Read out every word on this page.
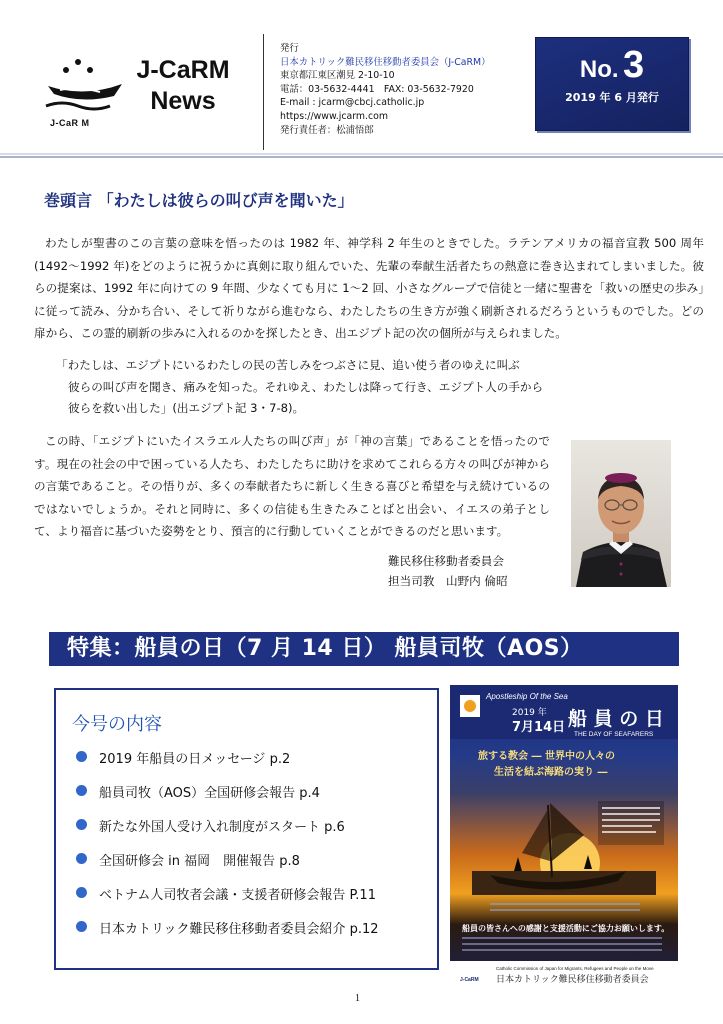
J-CaR M
J-CaRM
News
発行
日本カトリック難民移住移動者委員会（J-CaRM）
東京都江東区潮見 2-10-10
電話：03-5632-4441　FAX: 03-5632-7920
E-mail : jcarm@cbcj.catholic.jp
https://www.jcarm.com
発行責任者：松浦悟郎
No. 3
2019 年 6 月発行
巻頭言 「わたしは彼らの叫び声を聞いた」
わたしが聖書のこの言葉の意味を悟ったのは 1982 年、神学科 2 年生のときでした。ラテンアメリカの福音宣教 500 周年(1492～1992 年)をどのように祝うかに真剣に取り組んでいた、先輩の奉献生活者たちの熱意に巻き込まれてしまいました。彼らの提案は、1992 年に向けての 9 年間、少なくても月に 1～2 回、小さなグループで信徒と一緒に聖書を「救いの歴史の歩み」に従って読み、分かち合い、そして祈りながら進むなら、わたしたちの生き方が強く刷新されるだろうというものでした。どの扉から、この霊的刷新の歩みに入れるのかを探したとき、出エジプト記の次の個所が与えられました。
「わたしは、エジプトにいるわたしの民の苦しみをつぶさに見、追い使う者のゆえに叫ぶ
彼らの叫び声を聞き、痛みを知った。それゆえ、わたしは降って行き、エジプト人の手から
彼らを救い出した」(出エジプト記 3・7-8)。
この時、「エジプトにいたイスラエル人たちの叫び声」が「神の言葉」であることを悟ったのです。現在の社会の中で困っている人たち、わたしたちに助けを求めてこれらる方々の叫びが神からの言葉であること。その悟りが、多くの奉献者たちに新しく生きる喜びと希望を与え続けているのではないでしょうか。それと同時に、多くの信徒も生きたみことばと出会い、イエスの弟子として、より福音に基づいた姿勢をとり、預言的に行動していくことができるのだと思います。
難民移住移動者委員会
担当司教　山野内 倫昭
特集：船員の日（7 月 14 日） 船員司牧（AOS）
今号の内容
2019 年船員の日メッセージ p.2
船員司牧（AOS）全国研修会報告 p.4
新たな外国人受け入れ制度がスタート p.6
全国研修会 in 福岡　開催報告 p.8
ベトナム人司牧者会議・支援者研修会報告 P.11
日本カトリック難民移住移動者委員会紹介 p.12
Apostleship Of the Sea
2019 年
7月14日 船 員 の 日
THE DAY OF SEAFARERS
旅する教会 ― 世界中の人々の
生活を結ぶ海路の実り ―
船員の皆さんへの感謝と支援活動にご協力お願いします。
Catholic Commission of Japan for Migrants, Refugees and People on the Move
J-CaRM 日本カトリック難民移住移動者委員会
1
